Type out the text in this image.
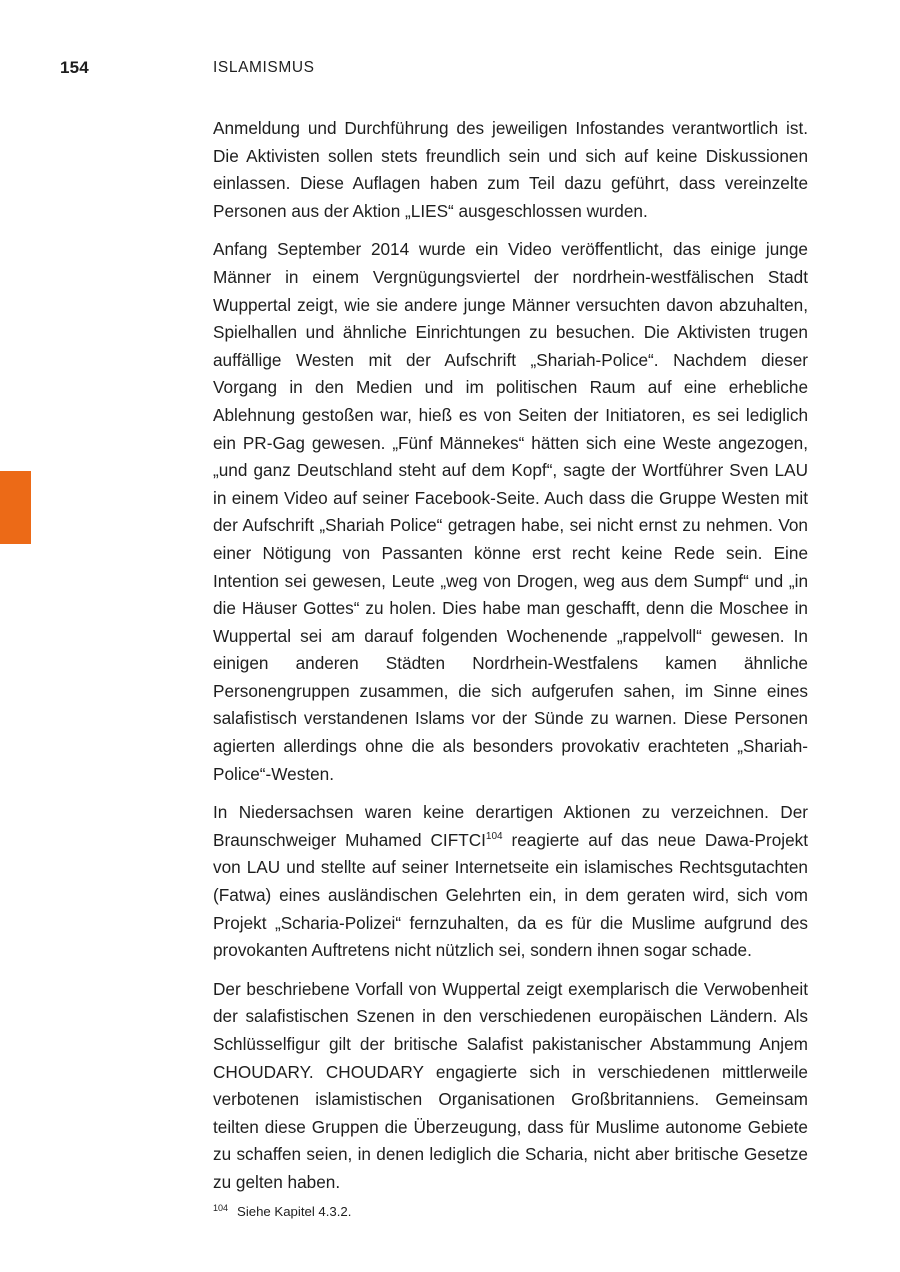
154	ISLAMISMUS

Anmeldung und Durchführung des jeweiligen Infostandes verantwortlich ist. Die Aktivisten sollen stets freundlich sein und sich auf keine Diskussionen einlassen. Diese Auflagen haben zum Teil dazu geführt, dass vereinzelte Personen aus der Aktion „LIES“ ausgeschlossen wurden.

Anfang September 2014 wurde ein Video veröffentlicht, das einige junge Männer in einem Vergnügungsviertel der nordrhein-westfälischen Stadt Wuppertal zeigt, wie sie andere junge Männer versuchten davon abzuhalten, Spielhallen und ähnliche Einrichtungen zu besuchen. Die Aktivisten trugen auffällige Westen mit der Aufschrift „Shariah-Police“. Nachdem dieser Vorgang in den Medien und im politischen Raum auf eine erhebliche Ablehnung gestoßen war, hieß es von Seiten der Initiatoren, es sei lediglich ein PR-Gag gewesen. „Fünf Männekes“ hätten sich eine Weste angezogen, „und ganz Deutschland steht auf dem Kopf“, sagte der Wortführer Sven LAU in einem Video auf seiner Facebook-Seite. Auch dass die Gruppe Westen mit der Aufschrift „Shariah Police“ getragen habe, sei nicht ernst zu nehmen. Von einer Nötigung von Passanten könne erst recht keine Rede sein. Eine Intention sei gewesen, Leute „weg von Drogen, weg aus dem Sumpf“ und „in die Häuser Gottes“ zu holen. Dies habe man geschafft, denn die Moschee in Wuppertal sei am darauf folgenden Wochenende „rappelvoll“ gewesen. In einigen anderen Städten Nordrhein-Westfalens kamen ähnliche Personengruppen zusammen, die sich aufgerufen sahen, im Sinne eines salafistisch verstandenen Islams vor der Sünde zu warnen. Diese Personen agierten allerdings ohne die als besonders provokativ erachteten „Shariah-Police“-Westen.

In Niedersachsen waren keine derartigen Aktionen zu verzeichnen. Der Braunschweiger Muhamed CIFTCI$^{104}$ reagierte auf das neue Dawa-Projekt von LAU und stellte auf seiner Internetseite ein islamisches Rechtsgutachten (Fatwa) eines ausländischen Gelehrten ein, in dem geraten wird, sich vom Projekt „Scharia-Polizei“ fernzuhalten, da es für die Muslime aufgrund des provokanten Auftretens nicht nützlich sei, sondern ihnen sogar schade.

Der beschriebene Vorfall von Wuppertal zeigt exemplarisch die Verwobenheit der salafistischen Szenen in den verschiedenen europäischen Ländern. Als Schlüsselfigur gilt der britische Salafist pakistanischer Abstammung Anjem CHOUDARY. CHOUDARY engagierte sich in verschiedenen mittlerweile verbotenen islamistischen Organisationen Großbritanniens. Gemeinsam teilten diese Gruppen die Überzeugung, dass für Muslime autonome Gebiete zu schaffen seien, in denen lediglich die Scharia, nicht aber britische Gesetze zu gelten haben.

$^{104}$ Siehe Kapitel 4.3.2.
